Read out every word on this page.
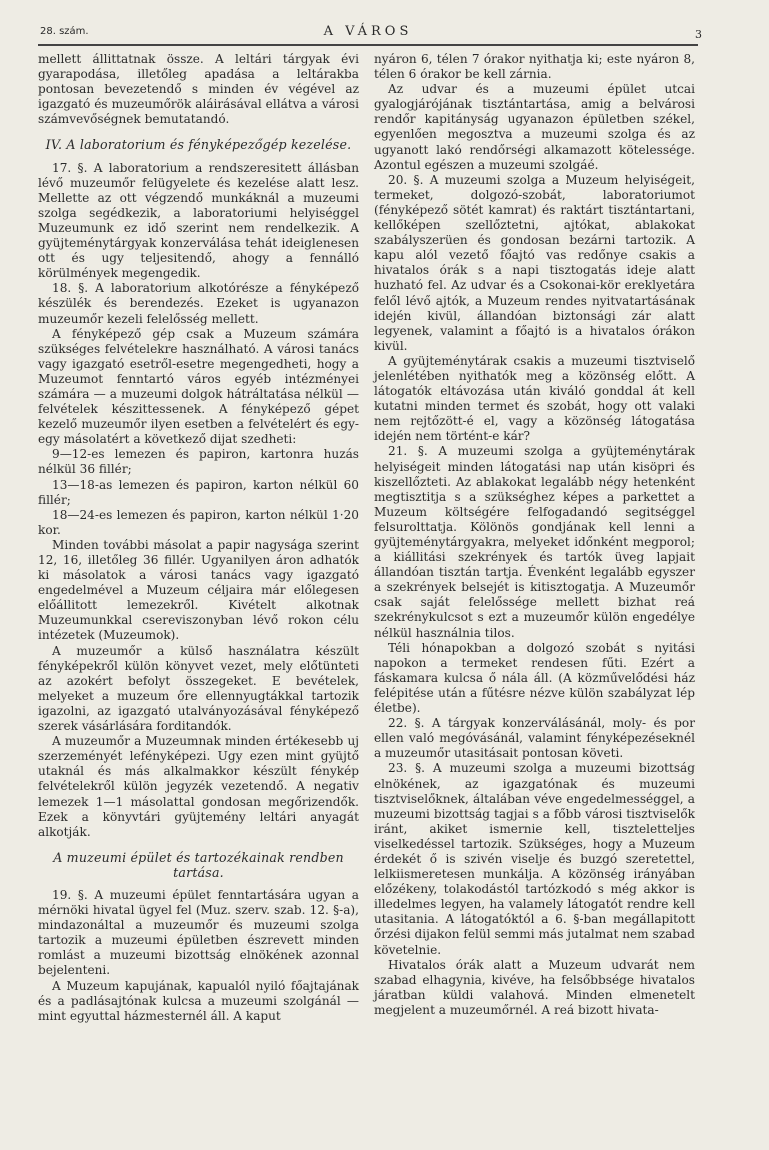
28. szám.	A VÁROS	3

mellett állittatnak össze. A leltári tárgyak évi gyarapodása, illetőleg apadása a leltárakba pontosan bevezetendő s minden év végével az igazgató és muzeumőrök aláirásával ellátva a városi számvevőségnek bemutatandó.

IV. A laboratorium és fényképezőgép kezelése.

17. §. A laboratorium a rendszeresitett állásban lévő muzeumőr felügyelete és kezelése alatt lesz. Mellette az ott végzendő munkáknál a muzeumi szolga segédkezik, a laboratoriumi helyiséggel Muzeumunk ez idő szerint nem rendelkezik. A gyüjteménytárgyak konzerválása tehát ideiglenesen ott és ugy teljesitendő, ahogy a fennálló körülmények megengedik.

18. §. A laboratorium alkotórésze a fényképező készülék és berendezés. Ezeket is ugyanazon muzeumőr kezeli felelősség mellett.

A fényképező gép csak a Muzeum számára szükséges felvételekre használható. A városi tanács vagy igazgató esetről-esetre megengedheti, hogy a Muzeumot fenntartó város egyéb intézményei számára — a muzeumi dolgok hátráltatása nélkül — felvételek készittessenek. A fényképező gépet kezelő muzeumőr ilyen esetben a felvételért és egy-egy másolatért a következő dijat szedheti:

9—12-es lemezen és papiron, kartonra huzás nélkül 36 fillér;

13—18-as lemezen és papiron, karton nélkül 60 fillér;

18—24-es lemezen és papiron, karton nélkül 1·20 kor.

Minden további másolat a papir nagysága szerint 12, 16, illetőleg 36 fillér. Ugyanilyen áron adhatók ki másolatok a városi tanács vagy igazgató engedelmével a Muzeum céljaira már előlegesen előállitott lemezekről. Kivételt alkotnak Muzeumunkkal csereviszonyban lévő rokon célu intézetek (Muzeumok).

A muzeumőr a külső használatra készült fényképekről külön könyvet vezet, mely előtünteti az azokért befolyt összegeket. E bevételek, melyeket a muzeum őre ellennyugtákkal tartozik igazolni, az igazgató utalványozásával fényképező szerek vásárlására forditandók.

A muzeumőr a Muzeumnak minden értékesebb uj szerzeményét lefényképezi. Ugy ezen mint gyüjtő utaknál és más alkalmakkor készült fénykép felvételekről külön jegyzék vezetendő. A negativ lemezek 1—1 másolattal gondosan megőrizendők. Ezek a könyvtári gyüjtemény leltári anyagát alkotják.

A muzeumi épület és tartozékainak rendben tartása.

19. §. A muzeumi épület fenntartására ugyan a mérnöki hivatal ügyel fel (Muz. szerv. szab. 12. §-a), mindazonáltal a muzeumőr és muzeumi szolga tartozik a muzeumi épületben észrevett minden romlást a muzeumi bizottság elnökének azonnal bejelenteni.

A Muzeum kapujának, kapualól nyiló főajtajának és a padlásajtónak kulcsa a muzeumi szolgánál — mint egyuttal házmesternél áll. A kaput

nyáron 6, télen 7 órakor nyithatja ki; este nyáron 8, télen 6 órakor be kell zárnia.

Az udvar és a muzeumi épület utcai gyalogjárójának tisztántartása, amig a belvárosi rendőr kapitányság ugyanazon épületben székel, egyenlően megosztva a muzeumi szolga és az ugyanott lakó rendőrségi alkamazott kötelessége. Azontul egészen a muzeumi szolgáé.

20. §. A muzeumi szolga a Muzeum helyiségeit, termeket, dolgozó-szobát, laboratoriumot (fényképező sötét kamrat) és raktárt tisztántartani, kellőképen szellőztetni, ajtókat, ablakokat szabályszerüen és gondosan bezárni tartozik. A kapu alól vezető főajtó vas redőnye csakis a hivatalos órák s a napi tisztogatás ideje alatt huzható fel. Az udvar és a Csokonai-kör ereklyetára felől lévő ajtók, a Muzeum rendes nyitvatartásának idején kivül, állandóan biztonsági zár alatt legyenek, valamint a főajtó is a hivatalos órákon kivül.

A gyüjteménytárak csakis a muzeumi tisztviselő jelenlétében nyithatók meg a közönség előtt. A látogatók eltávozása után kiváló gonddal át kell kutatni minden termet és szobát, hogy ott valaki nem rejtőzött-é el, vagy a közönség látogatása idején nem történt-e kár?

21. §. A muzeumi szolga a gyüjteménytárak helyiségeit minden látogatási nap után kisöpri és kiszellőzteti. Az ablakokat legalább négy hetenként megtisztitja s a szükséghez képes a parkettet a Muzeum költségére felfogadandó segitséggel felsurolttatja. Kölönös gondjának kell lenni a gyüjteménytárgyakra, melyeket időnként megporol; a kiállitási szekrények és tartók üveg lapjait állandóan tisztán tartja. Évenként legalább egyszer a szekrények belsejét is kitisztogatja. A Muzeumőr csak saját felelőssége mellett bizhat reá szekrénykulcsot s ezt a muzeumőr külön engedélye nélkül használnia tilos.

Téli hónapokban a dolgozó szobát s nyitási napokon a termeket rendesen fűti. Ezért a fáskamara kulcsa ő nála áll. (A közművelődési ház felépitése után a fűtésre nézve külön szabályzat lép életbe).

22. §. A tárgyak konzerválásánál, moly- és por ellen való megóvásánál, valamint fényképezéseknél a muzeumőr utasitásait pontosan követi.

23. §. A muzeumi szolga a muzeumi bizottság elnökének, az igazgatónak és muzeumi tisztviselőknek, általában véve engedelmességgel, a muzeumi bizottság tagjai s a főbb városi tisztviselők iránt, akiket ismernie kell, tiszteletteljes viselkedéssel tartozik. Szükséges, hogy a Muzeum érdekét ő is szivén viselje és buzgó szeretettel, lelkiismeretesen munkálja. A közönség irányában előzékeny, tolakodástól tartózkodó s még akkor is illedelmes legyen, ha valamely látogatót rendre kell utasitania. A látogatóktól a 6. §-ban megállapitott őrzési dijakon felül semmi más jutalmat nem szabad követelnie.

Hivatalos órák alatt a Muzeum udvarát nem szabad elhagynia, kivéve, ha felsőbbsége hivatalos járatban küldi valahová. Minden elmenetelt megjelent a muzeumőrnél. A reá bizott hivata-
